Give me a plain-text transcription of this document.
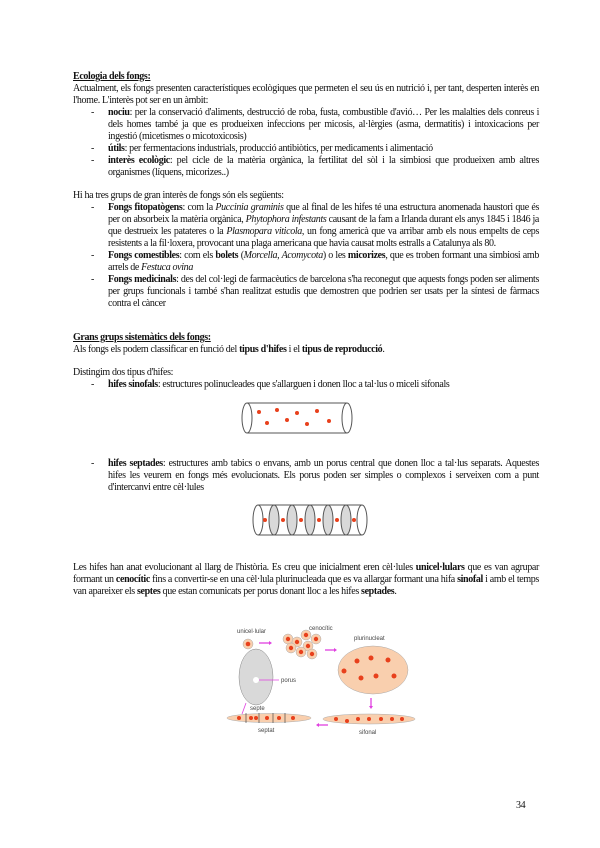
Ecologia dels fongs:

Actualment, els fongs presenten característiques ecològiques que permeten el seu ús en nutrició i, per tant, desperten interès en l'home. L'interès pot ser en un àmbit:

- nociu: per la conservació d'aliments, destrucció de roba, fusta, combustible d'avió… Per les malalties dels conreus i dels homes també ja que es produeixen infeccions per micosis, al·lèrgies (asma, dermatitis) i intoxicacions per ingestió (micetismes o micotoxicosis)
- útils: per fermentacions industrials, producció antibiòtics, per medicaments i alimentació
- interès ecològic: pel cicle de la matèria orgànica, la fertilitat del sòl i la simbiosi que produeixen amb altres organismes (líquens, micorizes..)

Hi ha tres grups de gran interès de fongs són els següents:

- Fongs fitopatògens: com la Puccinia graminis que al final de les hifes té una estructura anomenada haustori que és per on absorbeix la matèria orgànica, Phytophora infestants causant de la fam a Irlanda durant els anys 1845 i 1846 ja que destrueix les patateres o la Plasmopara viticola, un fong americà que va arribar amb els nous empelts de ceps resistents a la fil·loxera, provocant una plaga americana que havia causat molts estralls a Catalunya als 80.
- Fongs comestibles: com els bolets (Morcella, Acomycota) o les micorizes, que es troben formant una simbiosi amb arrels de Festuca ovina
- Fongs medicinals: des del col·legi de farmacèutics de barcelona s'ha reconegut que aquests fongs poden ser aliments per grups funcionals i també s'han realitzat estudis que demostren que podrien ser usats per la síntesi de fàrmacs contra el càncer

Grans grups sistemàtics dels fongs:

Als fongs els podem classificar en funció del tipus d'hifes i el tipus de reproducció.

Distingim dos tipus d'hifes:

- hifes sinofals: estructures polinucleades que s'allarguen i donen lloc a tal·lus o miceli sifonals
- hifes septades: estructures amb tabics o envans, amb un porus central que donen lloc a tal·lus separats. Aquestes hifes les veurem en fongs més evolucionats. Els porus poden ser simples o complexos i serveixen com a punt d'intercanvi entre cèl·lules

Les hifes han anat evolucionant al llarg de l'història. Es creu que inicialment eren cèl·lules unicel·lulars que es van agrupar formant un cenocític fins a convertir-se en una cèl·lula plurinucleada que es va allargar formant una hifa sinofal i amb el temps van apareixer els septes que estan comunicats per porus donant lloc a les hifes septades.

unicel·lular	cenocític
plurinucleat
porus
septe
septat	sifonal
34
